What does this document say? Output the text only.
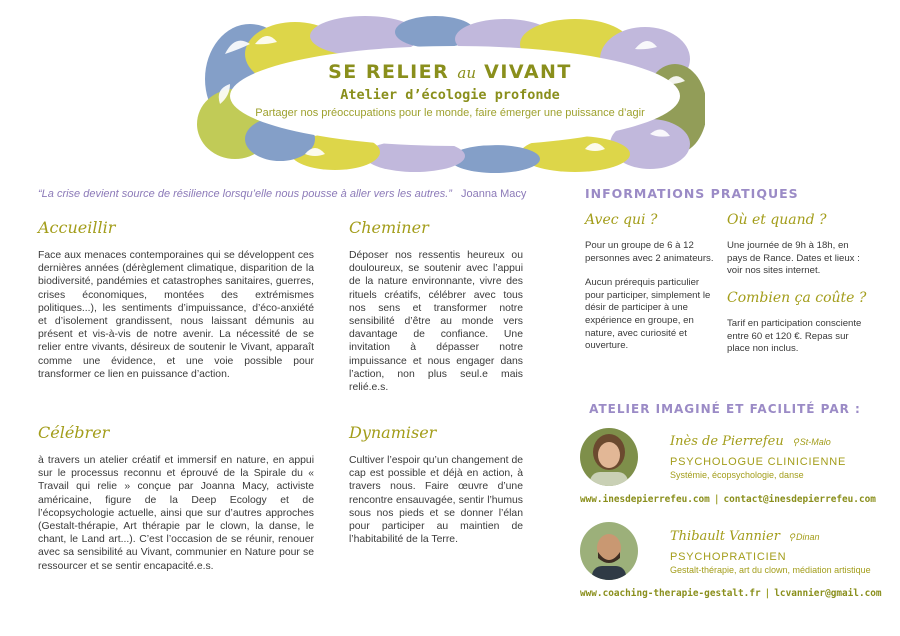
SE RELIER au VIVANT
Atelier d’écologie profonde
Partager nos préoccupations pour le monde, faire émerger une puissance d’agir
“La crise devient source de résilience lorsqu’elle nous pousse à aller vers les autres.” Joanna Macy
Accueillir
Face aux menaces contemporaines qui se développent ces dernières années (dérèglement climatique, disparition de la biodiversité, pandémies et catastrophes sanitaires, guerres, crises économiques, montées des extrémismes politiques...), les sentiments d’impuissance, d’éco-anxiété et d’isolement grandissent, nous laissant démunis au présent et vis-à-vis de notre avenir. La nécessité de se relier entre vivants, désireux de soutenir le Vivant, apparaît comme une évidence, et une voie possible pour transformer ce lien en puissance d’action.
Cheminer
Déposer nos ressentis heureux ou douloureux, se soutenir avec l’appui de la nature environnante, vivre des rituels créatifs, célébrer avec tous nos sens et transformer notre sensibilité d’être au monde vers davantage de confiance. Une invitation à dépasser notre impuissance et nous engager dans l’action, non plus seul.e mais relié.e.s.
Célébrer
à travers un atelier créatif et immersif en nature, en appui sur le processus reconnu et éprouvé de la Spirale du « Travail qui relie » conçue par Joanna Macy, activiste américaine, figure de la Deep Ecology et de l’écopsychologie actuelle, ainsi que sur d’autres approches (Gestalt-thérapie, Art thérapie par le clown, la danse, le chant, le Land art...). C’est l’occasion de se réunir, renouer avec sa sensibilité au Vivant, communier en Nature pour se ressourcer et se sentir encapacité.e.s.
Dynamiser
Cultiver l’espoir qu’un changement de cap est possible et déjà en action, à travers nous. Faire œuvre d’une rencontre ensauvagée, sentir l’humus sous nos pieds et se donner l’élan pour participer au maintien de l’habitabilité de la Terre.
INFORMATIONS PRATIQUES
Avec qui ?
Pour un groupe de 6 à 12 personnes avec 2 animateurs.
Aucun prérequis particulier pour participer, simplement le désir de participer à une expérience en groupe, en nature, avec curiosité et ouverture.
Où et quand ?
Une journée de 9h à 18h, en pays de Rance. Dates et lieux : voir nos sites internet.
Combien ça coûte ?
Tarif en participation consciente entre 60 et 120 €. Repas sur place non inclus.
ATELIER IMAGINÉ ET FACILITÉ PAR :
Inès de Pierrefeu ⚲St-Malo
PSYCHOLOGUE CLINICIENNE
Systémie, écopsychologie, danse
www.inesdepierrefeu.com | contact@inesdepierrefeu.com
Thibault Vannier ⚲Dinan
PSYCHOPRATICIEN
Gestalt-thérapie, art du clown, médiation artistique
www.coaching-therapie-gestalt.fr | lcvannier@gmail.com
